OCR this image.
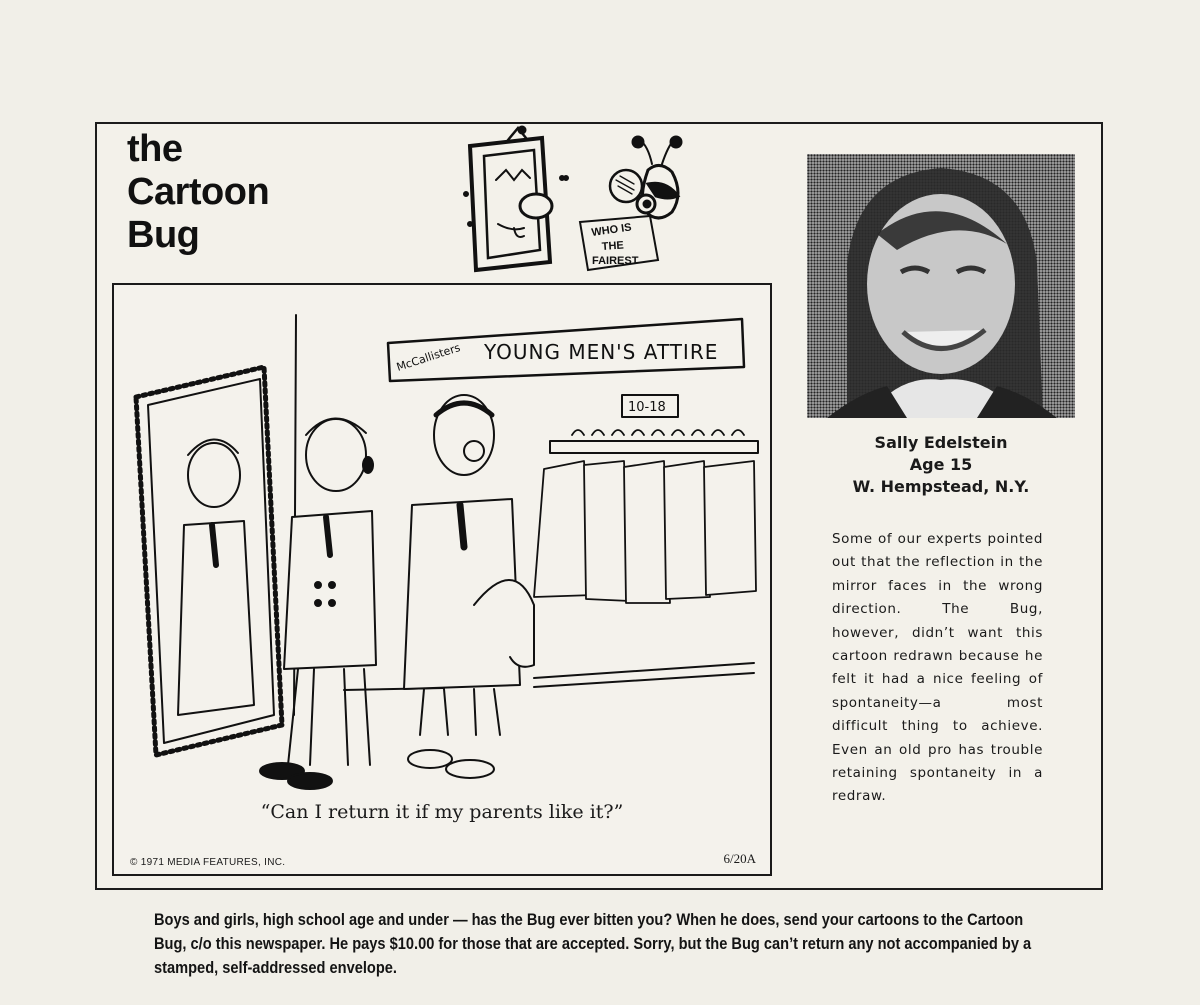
the
Cartoon
Bug	WHO IS
THE
FAIREST
McCallisters YOUNG MEN'S ATTIRE
10-18
“Can I return it if my parents like it?”
© 1971 MEDIA FEATURES, INC.	6/20A
Sally Edelstein
Age 15
W. Hempstead, N.Y.
Some of our experts pointed out that the reflection in the mirror faces in the wrong direction. The Bug, however, didn’t want this cartoon redrawn because he felt it had a nice feeling of spontaneity—a most difficult thing to achieve. Even an old pro has trouble retaining spontaneity in a redraw.
Boys and girls, high school age and under — has the Bug ever bitten you? When he does, send your cartoons to the Cartoon Bug, c/o this newspaper. He pays $10.00 for those that are accepted. Sorry, but the Bug can’t return any not accompanied by a stamped, self-addressed envelope.
